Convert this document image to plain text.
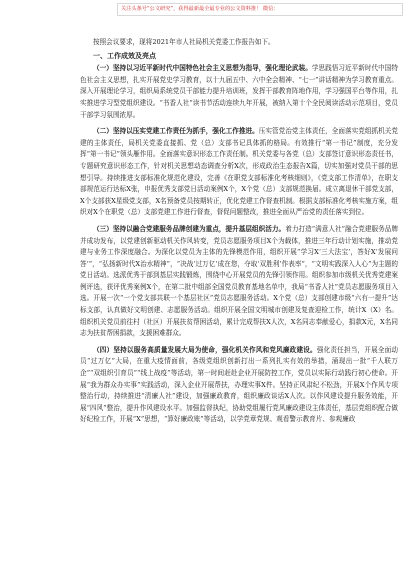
关注头条号“公文研究”，获得最新最全最专业的公文资料推！ 微信：

按照会议要求，现将2021年市人社局机关党委工作报告如下。

一、工作成效及亮点

（一）坚持以习近平新时代中国特色社会主义思想为指导，强化理论武装。学思践悟习近平新时代中国特色社会主义思想，扎实开展党史学习教育，以十九届五中、六中全会精神、“七一”讲话精神为学习教育重点。深入开展理论学习，组织局系统党员干部能力提升培训班，发挥干部教育阵地作用，学习强国平台等作用，扎实推进学习型党组织建设。“书香人社”读书节活动连续九年开展，被纳入第十个全民阅读活动示范项目，党员干部学习氛围浓厚。

（二）坚持以压实党建工作责任为抓手，强化工作推进。压实管党治党主体责任，全面落实党组抓机关党建的主体责任，局机关党委直接抓、党（总）支部书记具体抓的格局。有效推行“第一书记”制度，充分发挥“第一书记”领头雁作用。全面落实意识形态工作责任制。机关党委与各党（总）支部签订意识形态责任书，专题研究意识形态工作，针对机关思想动态调查分析X次，形成政治生态报告X篇，切实加强对党员干部的思想引导。持续推进支部标准化规范化建设，完善《在职党支部标准化考核细则》，《党支部工作清单》，在职支部规范运行达标X张，申报优秀支部党日活动案例X个，X个党（总）支部规范换届。成立离退休干部党支部，X个支部获X星级党支部，X名预备党员按期转正，优化党建工作督查机制。根据支部标准化考核实施方案，组织对X个在职党（总）支部党建工作进行督查，督促问题整改，推进全面从严治党的责任落实到位。

（三）坚持以融合党建服务品牌创建为重点，提升基层组织活力。着力打造“满意人社”融合党建服务品牌并成功发布，以党建创新驱动机关作风转变，党员志愿服务项目X个为载体，推进三年行动计划实施，推动党建与业务工作深度融合。为深化以党员为主体的先锋模范作用，组织开展“学习X‘三大法宝’，答好X‘发展问答’”，“弘扬新时代X治水精神”，“决战‘过万亿’成在您，夺取‘双胜利’作表率”，“文明实践深入人心”为主题的党日活动。选派优秀干部到基层实践锻炼，围绕中心开展党员的先锋引领作用。组织参加市级机关优秀党建案例评选，获评优秀案例X个，在第二批中组部全国党员教育基地名单中，我局“书香人社”党员志愿服务项目入选。开展一次“一个党支部共联一个基层社区”党员志愿服务活动。X个党（总）支部创建市级“六有一提升”达标支部，认真做好文明创建、志愿服务活动。组织开展全国文明城市创建及复查迎检工作，统计X（X）名。组织机关党员前往村（社区）开展扶贫帮困活动，累计完成帮扶X人次，X名同志奉献爱心，捐款X元，X名同志为扶贫帮困捐款，支援困难群众。

（四）坚持以服务高质量发展大局为使命，强化机关作风和党风廉政建设。强化责任担当，开展全面动员“过万亿”大局，在重大疫情面前，各级党组织创新打出一系列扎实有效的举措，涌现出一批“千人联万企”“双组织引育员”“线上战疫”等活动，第一时间赶赴企业开展防控工作，党员以实际行动践行初心使命。开展“我为群众办实事”实践活动，深入企业开展帮扶，办理实事X件。坚持正风肃纪不松劲，开展X个作风专项整治行动，持续推进“清廉人社”建设，加强廉政教育，组织廉政谈话X人次。以作风建设提升服务效能，开展“四风”整治，提升作风建设水平。加强监督执纪，协助党组履行党风廉政建设主体责任，基层党组织配合做好纪检工作，开展“X”思想，“算好廉政账”等活动，以学党章党规、观看警示教育片、参观廉政
